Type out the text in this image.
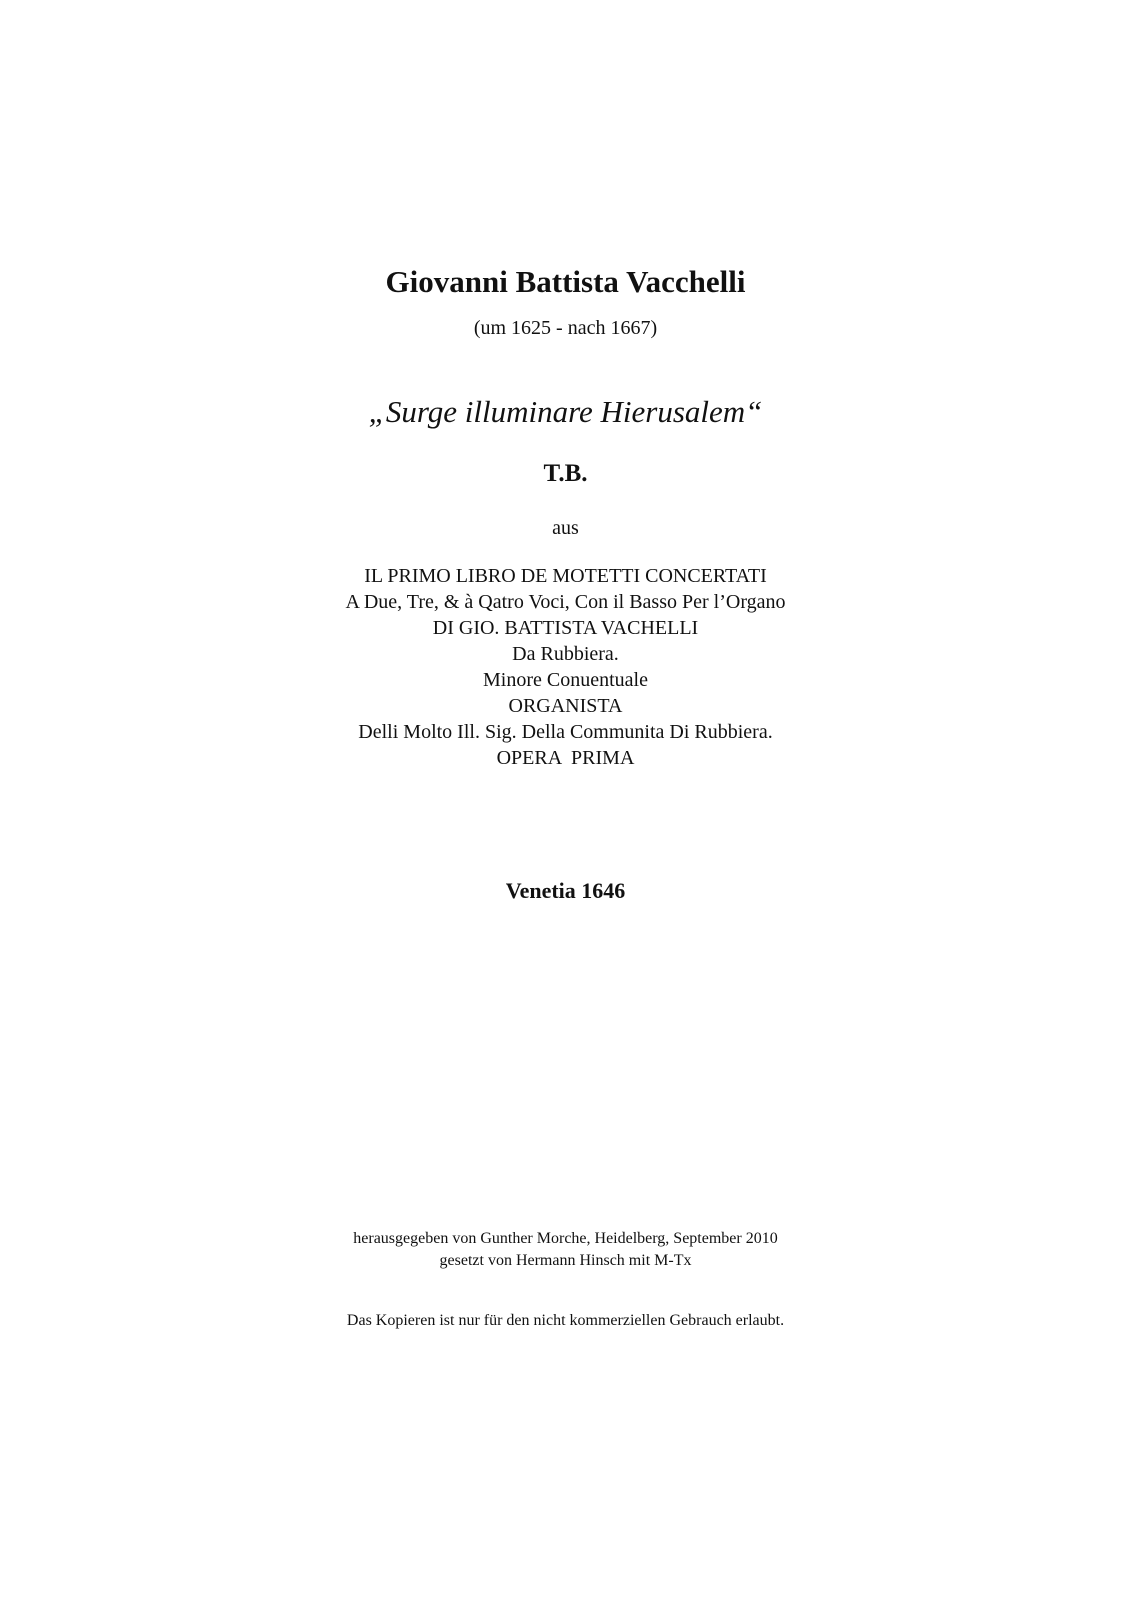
Giovanni Battista Vacchelli
(um 1625 - nach 1667)
„Surge illuminare Hierusalem“
T.B.
aus
IL PRIMO LIBRO DE MOTETTI CONCERTATI
A Due, Tre, & à Qatro Voci, Con il Basso Per l’Organo
DI GIO. BATTISTA VACHELLI
Da Rubbiera.
Minore Conuentuale
ORGANISTA
Delli Molto Ill. Sig. Della Communita Di Rubbiera.
OPERA  PRIMA
Venetia 1646
herausgegeben von Gunther Morche, Heidelberg, September 2010
gesetzt von Hermann Hinsch mit M-Tx
Das Kopieren ist nur für den nicht kommerziellen Gebrauch erlaubt.
